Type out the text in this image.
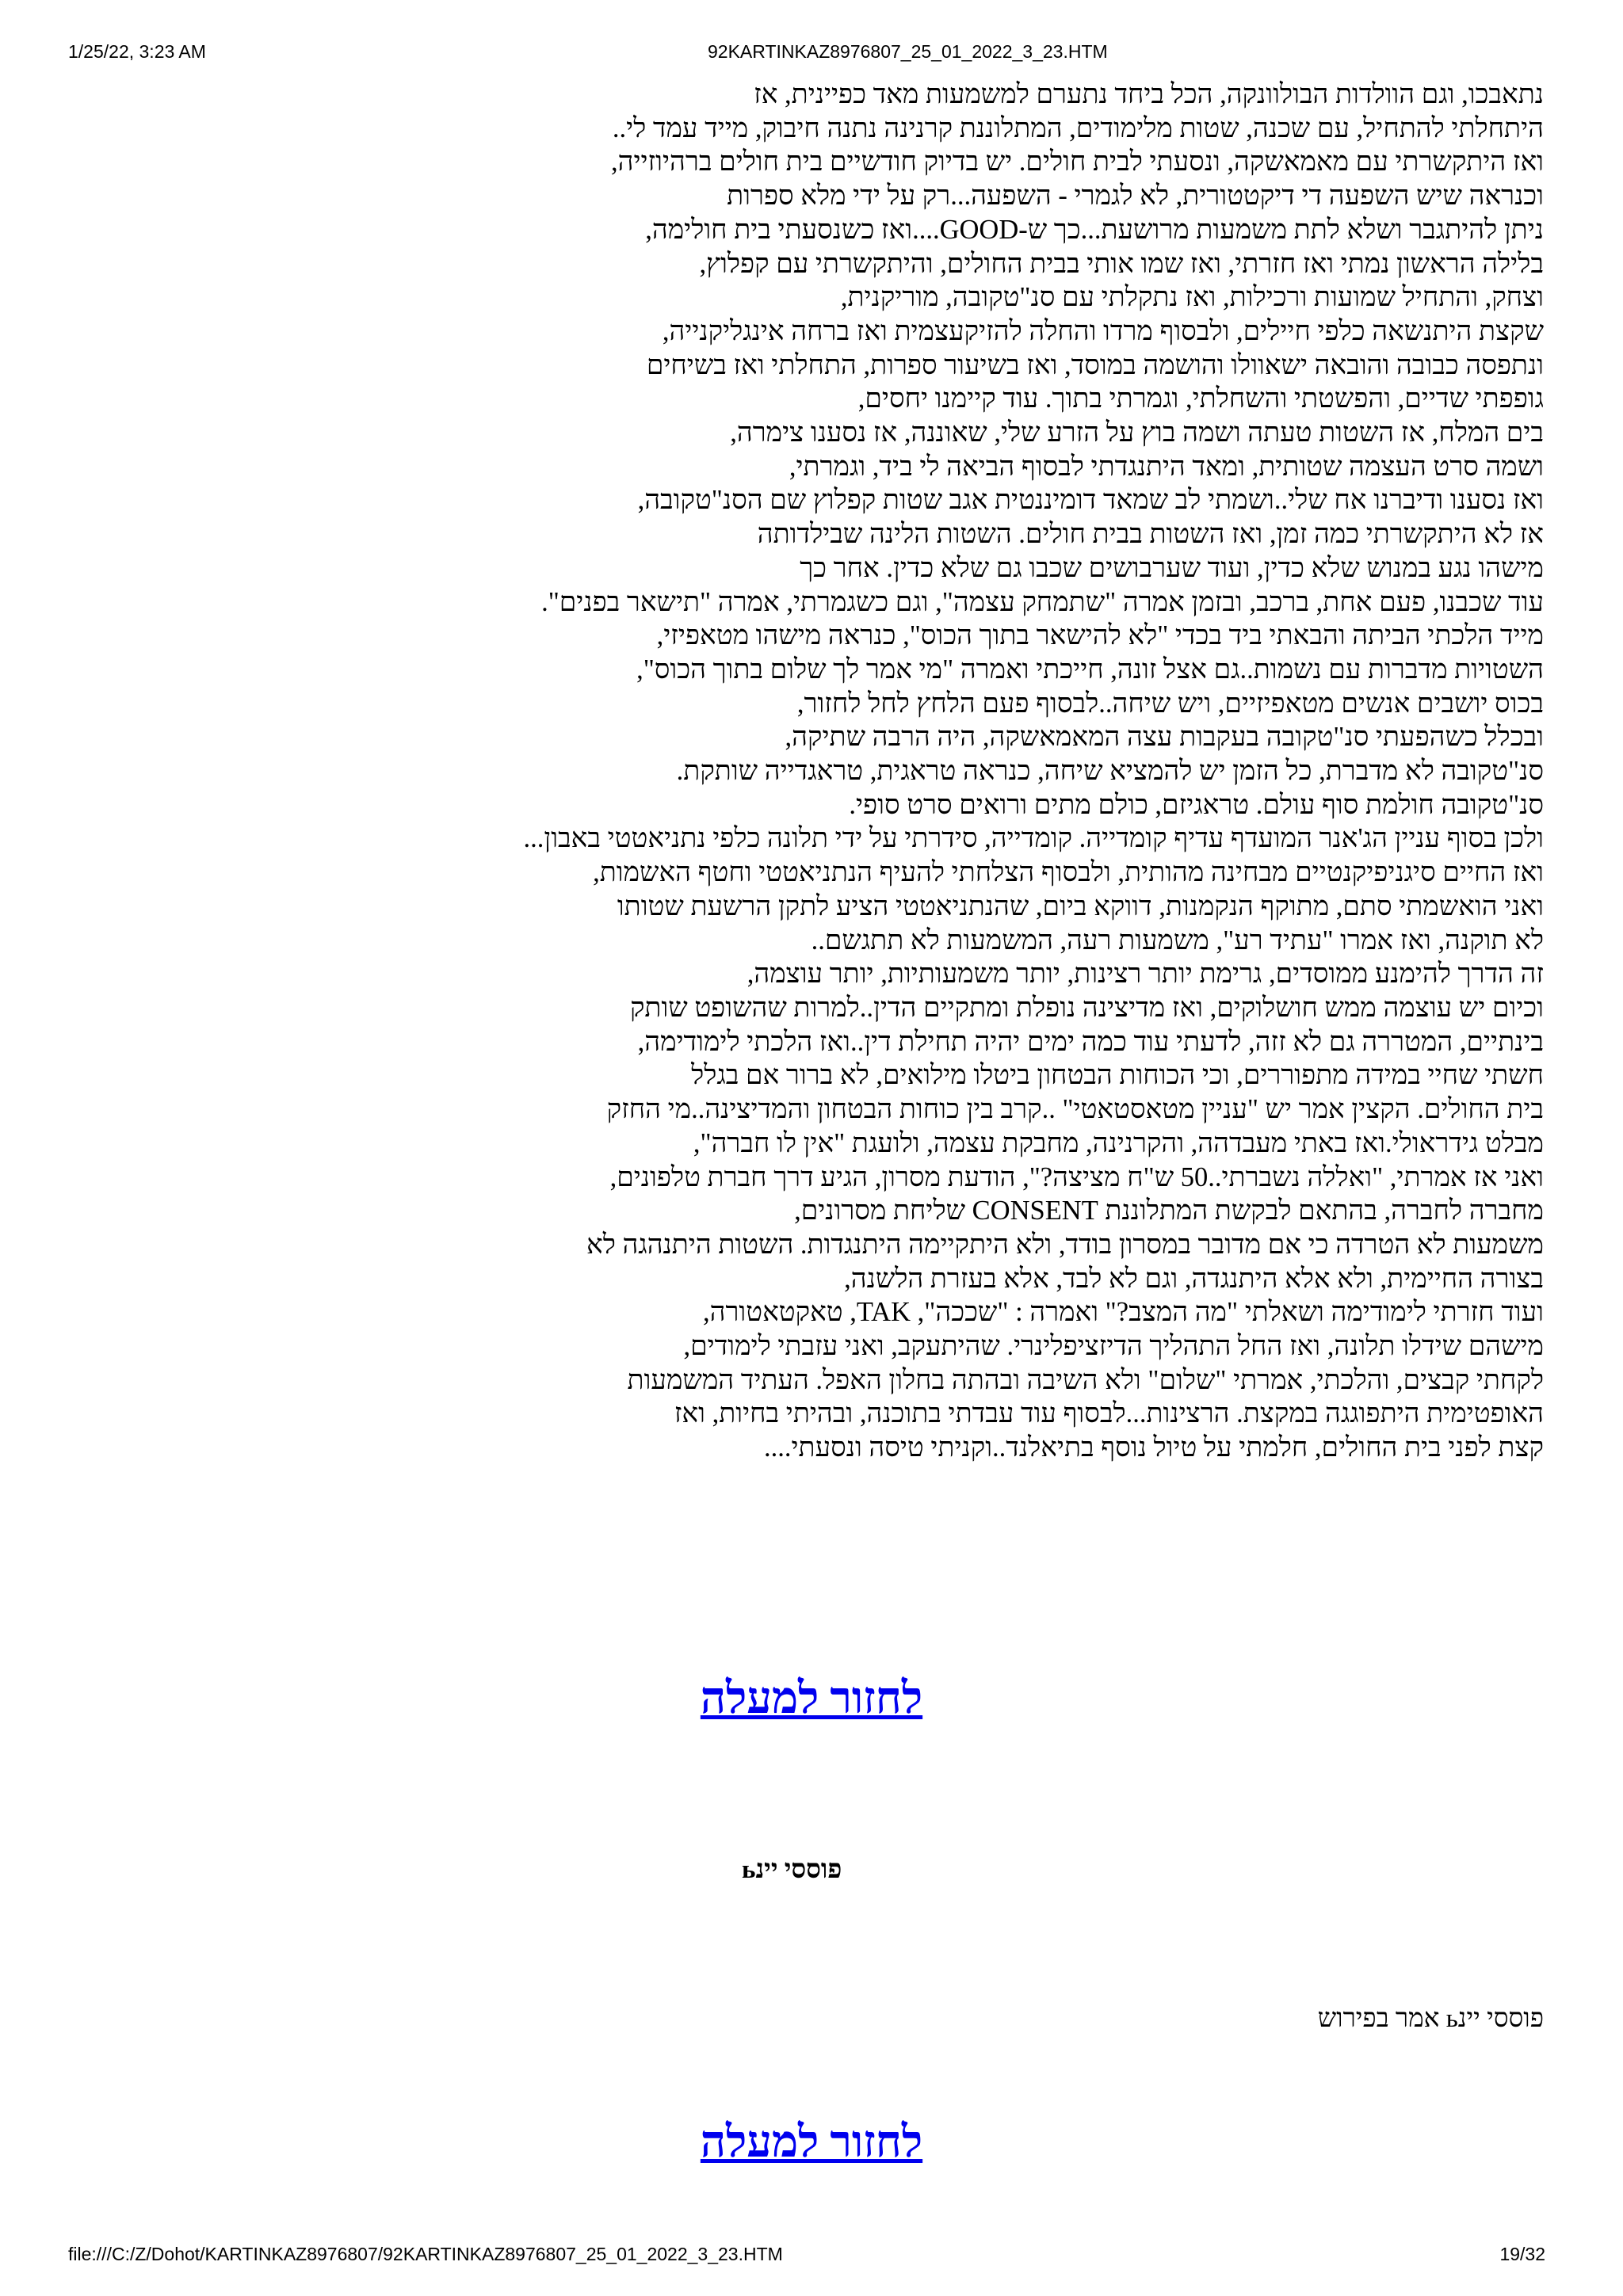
1/25/22, 3:23 AM	92KARTINKAZ8976807_25_01_2022_3_23.HTM
נתאבכו, וגם הוולדות הבולוונקה, הכל ביחד נתערם למשמעות מאד כפיינית, אז
היתחלתי להתחיל, עם שכנה, שטות מלימודים, המתלוננת קרנינה נתנה חיבוק, מייד עמד לי..
ואז היתקשרתי עם מאמאשקה, ונסעתי לבית חולים. יש בדיוק חודשיים בית חולים ברהיוזייה,
וכנראה שיש השפעה די דיקטטורית, לא לגמרי - השפעה...רק על ידי מלא ספרות
ניתן להיתגבר ושלא לתת משמעות מרושעת...כך ש-GOOD....ואז כשנסעתי בית חולימה,
בלילה הראשון נמתי ואז חזרתי, ואז שמו אותי בבית החולים, והיתקשרתי עם קפלוץ,
וצחק, והתחיל שמועות ורכילות, ואז נתקלתי עם סנ"טקובה, מוריקנית,
שקצת היתנשאה כלפי חיילים, ולבסוף מרדו והחלה להזיקעצמית ואז ברחה אינגליקנייה,
ונתפסה כבובה והובאה ישאוולו והושמה במוסד, ואז בשיעור ספרות, התחלתי ואז בשיחים
גופפתי שדיים, והפשטתי והשחלתי, וגמרתי בתוך. עוד קיימנו יחסים,
בים המלח, אז השטות טעתה ושמה בוץ על הזרע שלי, שאוננה, אז נסענו צימרה,
ושמה סרט העצמה שטותית, ומאד היתנגדתי לבסוף הביאה לי ביד, וגמרתי,
ואז נסענו ודיברנו אח שלי..ושמתי לב שמאד דומיננטית אגב שטות קפלוץ שם הסנ"טקובה,
אז לא היתקשרתי כמה זמן, ואז השטות בבית חולים. השטות הלינה שבילדותה
מישהו נגע במנוש שלא כדין, ועוד שערבושים שכבו גם שלא כדין. אחר כך
עוד שכבנו, פעם אחת, ברכב, ובזמן אמרה "שתמחק עצמה", וגם כשגמרתי, אמרה "תישאר בפנים".
מייד הלכתי הביתה והבאתי ביד בכדי "לא להישאר בתוך הכוס", כנראה מישהו מטאפיזי,
השטויות מדברות עם נשמות..גם אצל זונה, חייכתי ואמרה "מי אמר לך שלום בתוך הכוס",
בכוס יושבים אנשים מטאפיזיים, ויש שיחה..לבסוף פעם הלחץ לחל לחזור,
ובכלל כשהפעתי סנ"טקובה בעקבות עצה המאמאשקה, היה הרבה שתיקה,
סנ"טקובה לא מדברת, כל הזמן יש להמציא שיחה, כנראה טראגית, טראגדייה שותקת.
סנ"טקובה חולמת סוף עולם. טראגיזם, כולם מתים ורואים סרט סופי.
ולכן בסוף עניין הג'אנר המועדף עדיף קומדייה. קומדייה, סידרתי על ידי תלונה כלפי נתניאטטי באבון...
ואז החיים סיגניפיקנטיים מבחינה מהותית, ולבסוף הצלחתי להעיף הנתניאטטי וחטף האשמות,
ואני הואשמתי סתם, מתוקף הנקמנות, דווקא ביום, שהנתניאטטי הציע לתקן הרשעת שטותו
לא תוקנה, ואז אמרו "עתיד רע", משמעות רעה, המשמעות לא תתגשם..
זה הדרך להימנע ממוסדים, גרימת יותר רצינות, יותר משמעותיות, יותר עוצמה,
וכיום יש עוצמה ממש חושלוקים, ואז מדיצינה נופלת ומתקיים הדין..למרות שהשופט שותק
בינתיים, המטררה גם לא זזה, לדעתי עוד כמה ימים יהיה תחילת דין..ואז הלכתי לימודימה,
חשתי שחיי במידה מתפוררים, וכי הכוחות הבטחון ביטלו מילואים, לא ברור אם בגלל
בית החולים. הקצין אמר יש "עניין מטאסטאטי" ..קרב בין כוחות הבטחון והמדיצינה..מי החזק
מבלט גידראולי.ואז באתי מעבדהה, והקרנינה, מחבקת עצמה, ולועגת "אין לו חברה",
ואני אז אמרתי, "ואללה נשברתי..50 ש"ח מציצה?", הודעת מסרון, הגיע דרך חברת טלפונים,
מחברה לחברה, בהתאם לבקשת המתלוננת CONSENT שליחת מסרונים,
משמעות לא הטרדה כי אם מדובר במסרון בודד, ולא היתקיימה היתנגדות. השטות היתנהגה לא
בצורה החיימית, ולא אלא היתנגדה, וגם לא לבד, אלא בעזרת הלשנה,
ועוד חזרתי לימודימה ושאלתי "מה המצב?" ואמרה : "שככה", TAK, טאקטאטורה,
מישהם שידלו תלונה, ואז החל התהליך הדיזציפלינרי. שהיתעקב, ואני עזבתי לימודים,
לקחתי קבצים, והלכתי, אמרתי "שלום" ולא השיבה ובהתה בחלון האפל. העתיד המשמעות
האופטימית היתפוגגה במקצת. הרצינות...לבסוף עוד עבדתי בתוכנה, ובהיתי בחיות, ואז
קצת לפני בית החולים, חלמתי על טיול נוסף בתיאלנד..וקניתי טיסה ונסעתי....
לחזור למעלה
פוססי יינь
פוססי יינь אמר בפירוש
לחזור למעלה
file:///C:/Z/Dohot/KARTINKAZ8976807/92KARTINKAZ8976807_25_01_2022_3_23.HTM	19/32
